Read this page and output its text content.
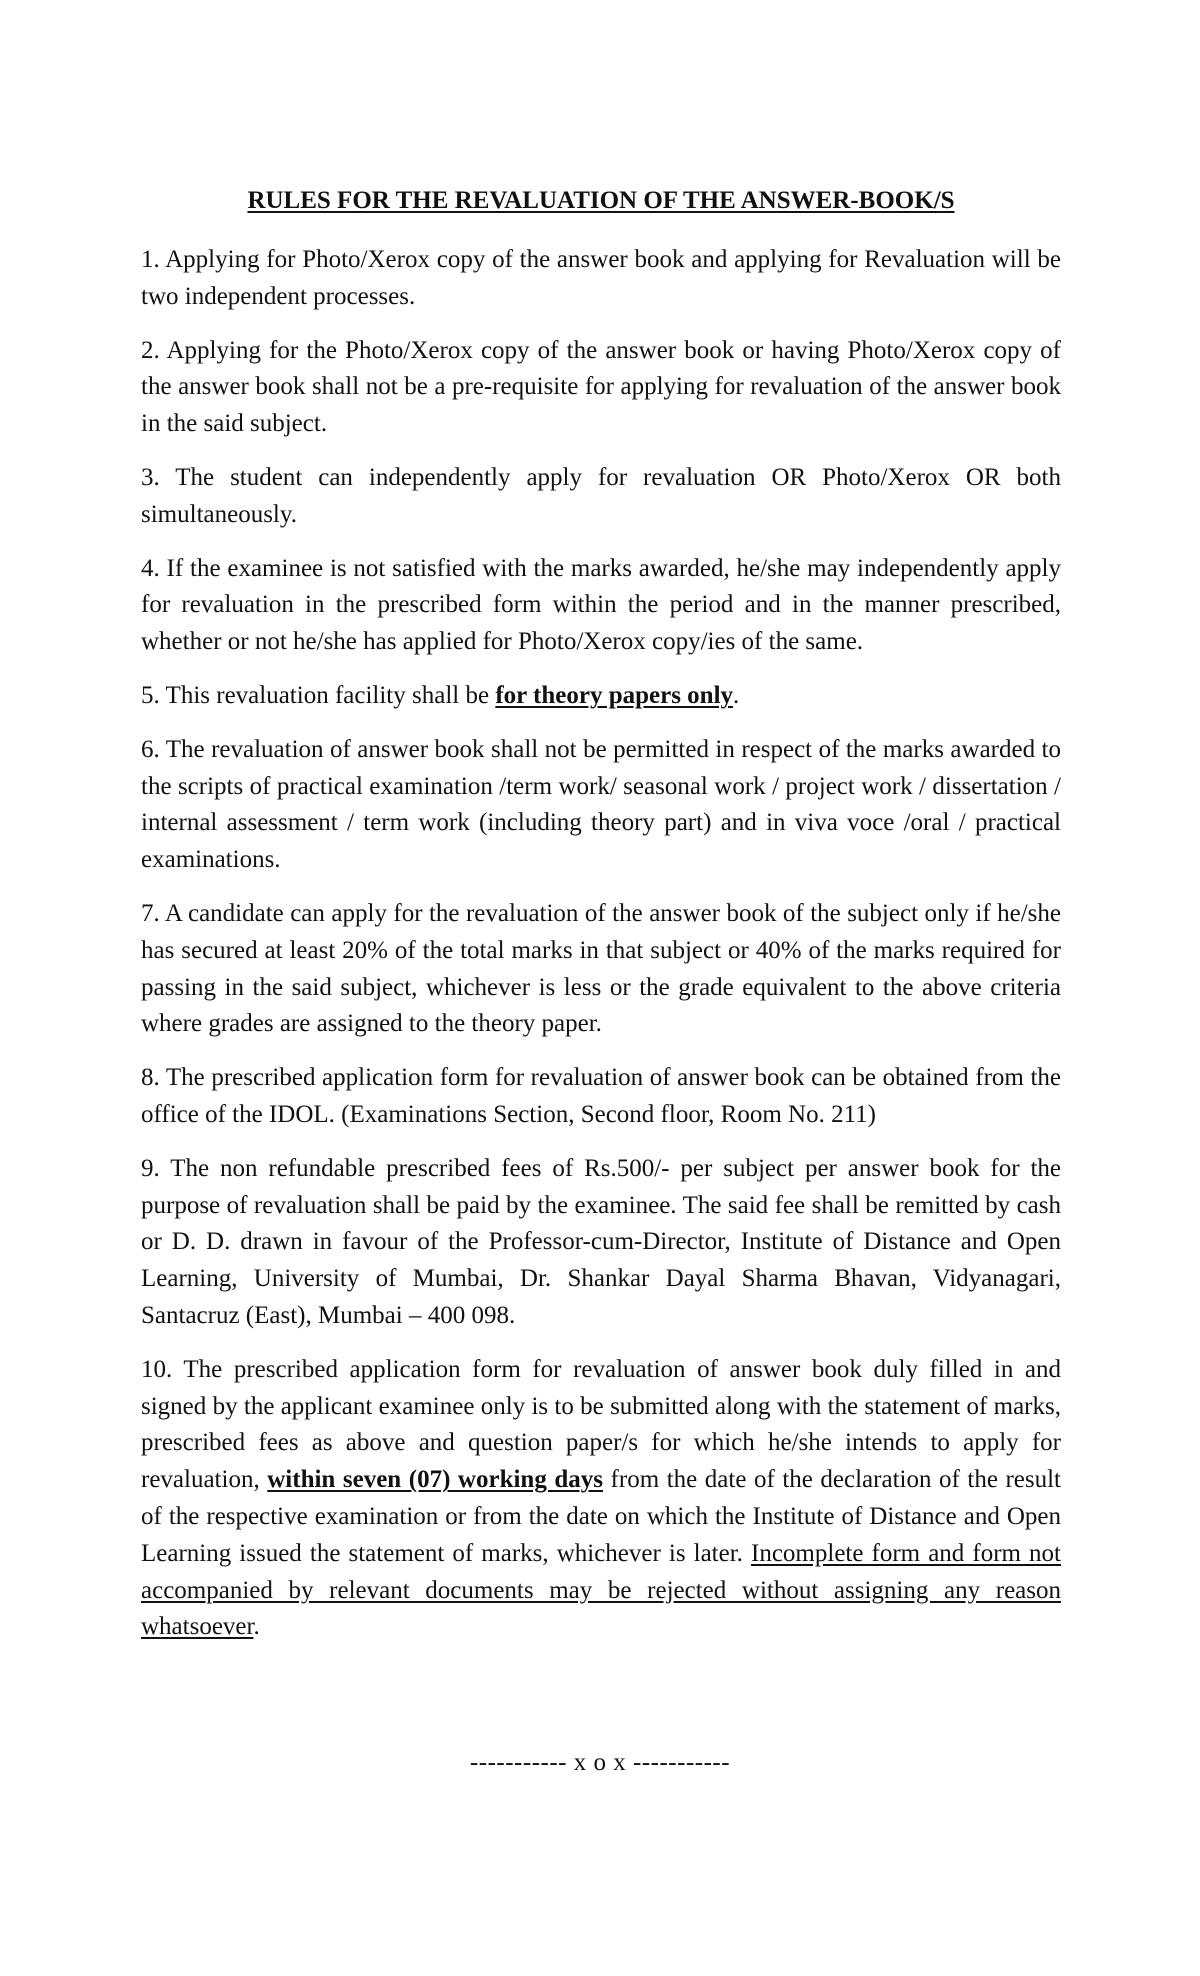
RULES FOR THE REVALUATION OF THE ANSWER-BOOK/S

1. Applying for Photo/Xerox copy of the answer book and applying for Revaluation will be two independent processes.

2. Applying for the Photo/Xerox copy of the answer book or having Photo/Xerox copy of the answer book shall not be a pre-requisite for applying for revaluation of the answer book in the said subject.

3. The student can independently apply for revaluation OR Photo/Xerox OR both simultaneously.

4. If the examinee is not satisfied with the marks awarded, he/she may independently apply for revaluation in the prescribed form within the period and in the manner prescribed, whether or not he/she has applied for Photo/Xerox copy/ies of the same.

5. This revaluation facility shall be for theory papers only.

6. The revaluation of answer book shall not be permitted in respect of the marks awarded to the scripts of practical examination /term work/ seasonal work / project work / dissertation / internal assessment / term work (including theory part) and in viva voce /oral / practical examinations.

7. A candidate can apply for the revaluation of the answer book of the subject only if he/she has secured at least 20% of the total marks in that subject or 40% of the marks required for passing in the said subject, whichever is less or the grade equivalent to the above criteria where grades are assigned to the theory paper.

8. The prescribed application form for revaluation of answer book can be obtained from the office of the IDOL. (Examinations Section, Second floor, Room No. 211)

9. The non refundable prescribed fees of Rs.500/- per subject per answer book for the purpose of revaluation shall be paid by the examinee. The said fee shall be remitted by cash or D. D. drawn in favour of the Professor-cum-Director, Institute of Distance and Open Learning, University of Mumbai, Dr. Shankar Dayal Sharma Bhavan, Vidyanagari, Santacruz (East), Mumbai – 400 098.

10. The prescribed application form for revaluation of answer book duly filled in and signed by the applicant examinee only is to be submitted along with the statement of marks, prescribed fees as above and question paper/s for which he/she intends to apply for revaluation, within seven (07) working days from the date of the declaration of the result of the respective examination or from the date on which the Institute of Distance and Open Learning issued the statement of marks, whichever is later. Incomplete form and form not accompanied by relevant documents may be rejected without assigning any reason whatsoever.

----------- x o x -----------
